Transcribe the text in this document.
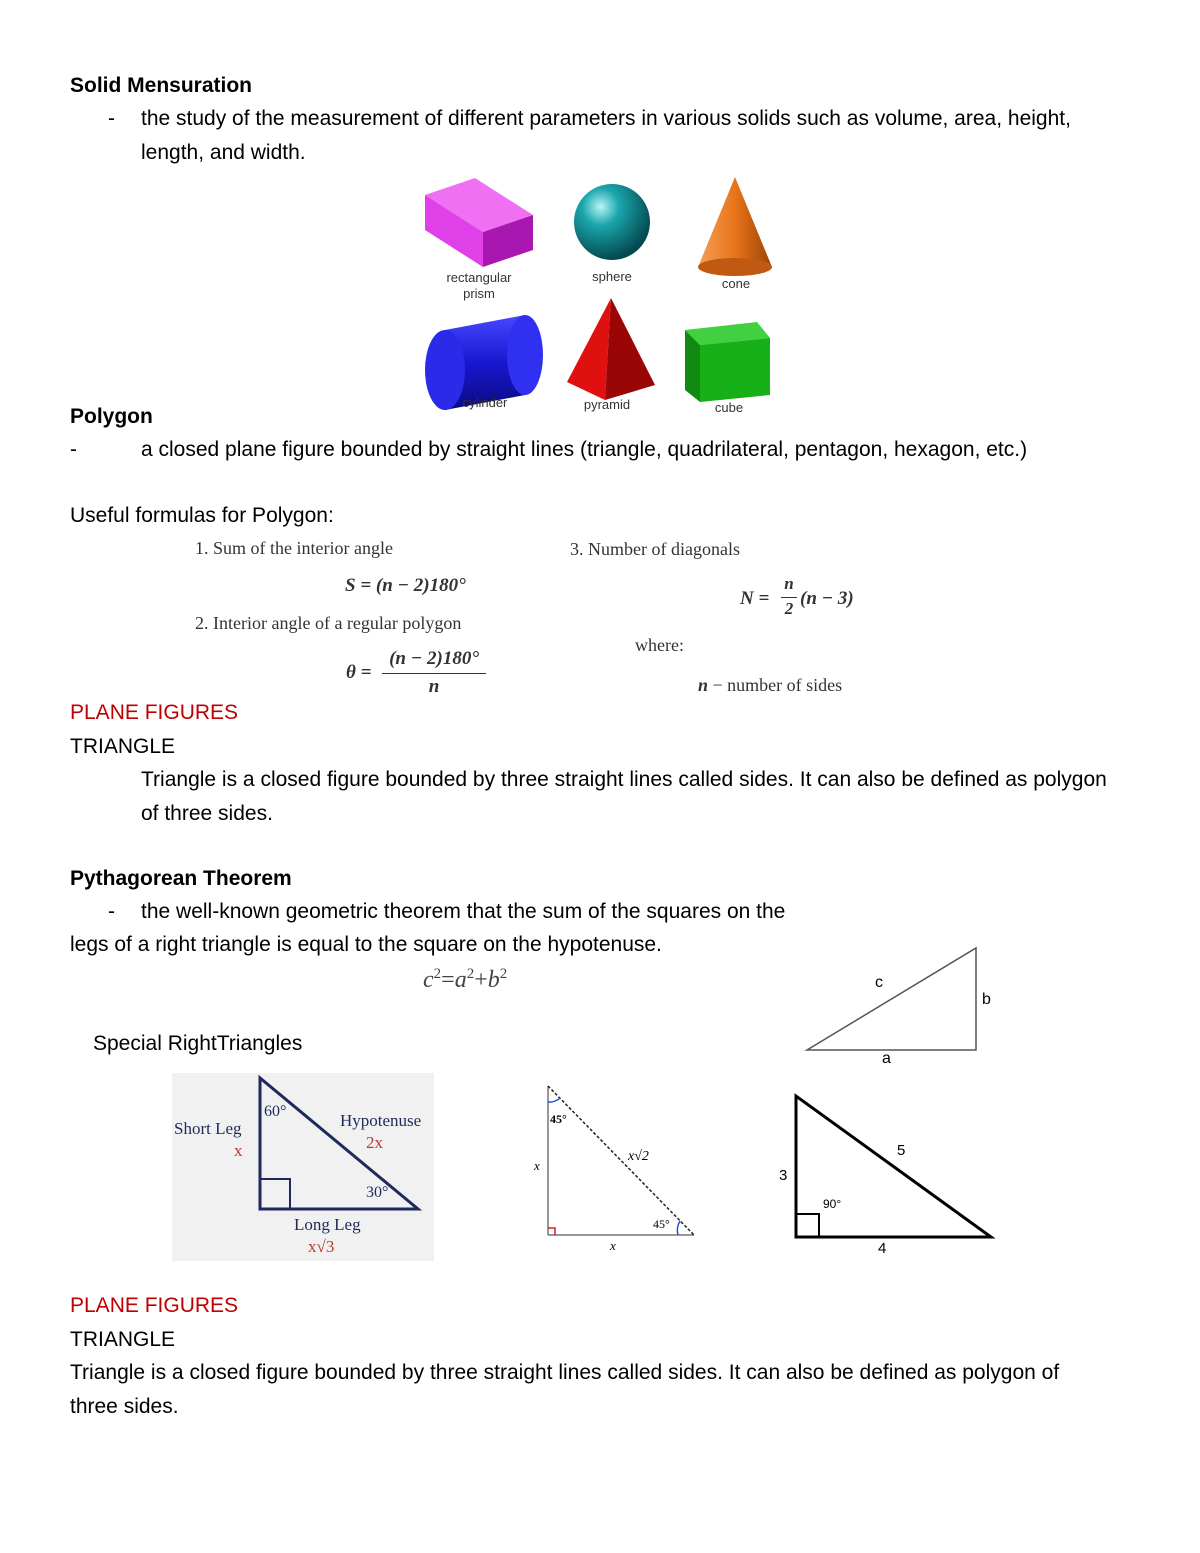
Solid Mensuration
- the study of the measurement of different parameters in various solids such as volume, area, height,
length, and width.
rectangular
prism
sphere	cone
cylinder	pyramid	cube
Polygon
-	a closed plane figure bounded by straight lines (triangle, quadrilateral, pentagon, hexagon, etc.)
Useful formulas for Polygon:
1. Sum of the interior angle
S = (n − 2)180°
2. Interior angle of a regular polygon
θ =
(n − 2)180°
n
3. Number of diagonals
N =
n
2 (n − 3)
where:
n − number of sides
PLANE FIGURES
TRIANGLE
Triangle is a closed figure bounded by three straight lines called sides. It can also be defined as polygon
of three sides.
Pythagorean Theorem
- the well-known geometric theorem that the sum of the squares on the
legs of a right triangle is equal to the square on the hypotenuse.
$c^2=a^2+b^2$	c
b
a
Special RightTriangles
Short Leg
x
60°	Hypotenuse
2x
30°
Long Leg
x√3
45°
x
x√2
45°
x
3
5
90°
4
PLANE FIGURES
TRIANGLE
Triangle is a closed figure bounded by three straight lines called sides. It can also be defined as polygon of
three sides.
